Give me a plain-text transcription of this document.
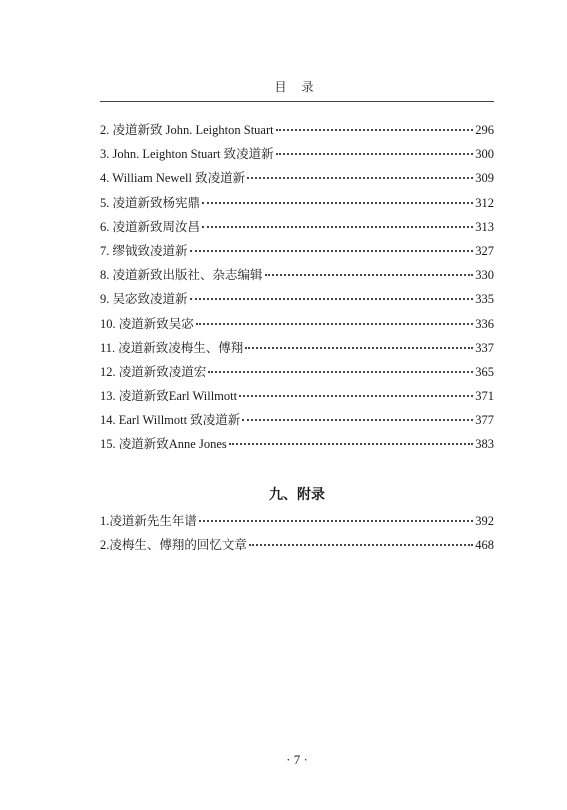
目 录
2. 凌道新致 John. Leighton Stuart	296
3. John. Leighton Stuart 致凌道新	300
4. William Newell 致凌道新	309
5. 凌道新致杨宪鼎	312
6. 凌道新致周汝昌	313
7. 缪钺致凌道新	327
8. 凌道新致出版社、杂志编辑	330
9. 吴宓致凌道新	335
10. 凌道新致吴宓	336
11. 凌道新致凌梅生、傅翔	337
12. 凌道新致凌道宏	365
13. 凌道新致Earl Willmott	371
14. Earl Willmott 致凌道新	377
15. 凌道新致Anne Jones	383
九、附录
1.凌道新先生年谱	392
2.凌梅生、傅翔的回忆文章	468
· 7 ·
